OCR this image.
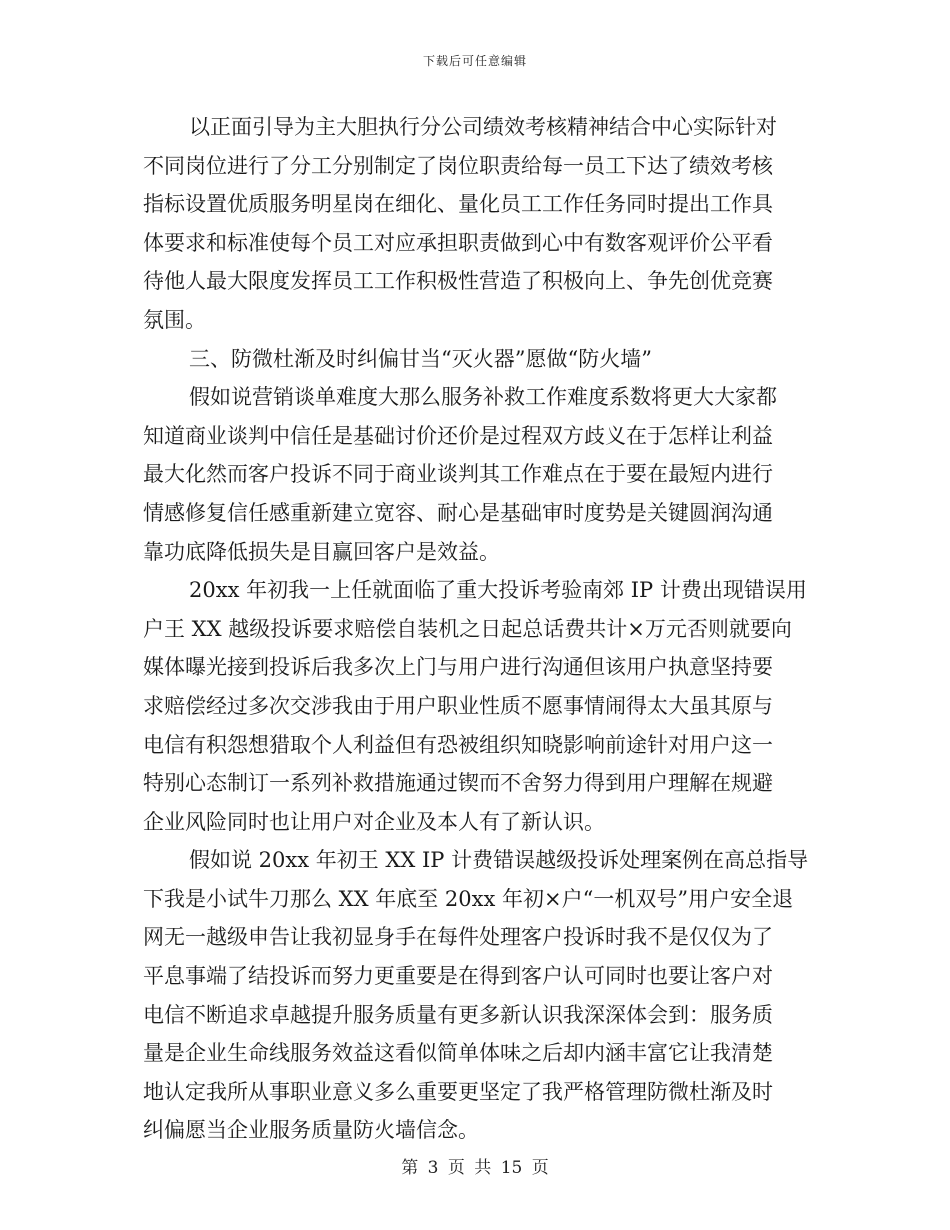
下载后可任意编辑
以正面引导为主大胆执行分公司绩效考核精神结合中心实际针对
不同岗位进行了分工分别制定了岗位职责给每一员工下达了绩效考核
指标设置优质服务明星岗在细化、量化员工工作任务同时提出工作具
体要求和标准使每个员工对应承担职责做到心中有数客观评价公平看
待他人最大限度发挥员工工作积极性营造了积极向上、争先创优竞赛
氛围。
三、防微杜渐及时纠偏甘当“灭火器”愿做“防火墙”
假如说营销谈单难度大那么服务补救工作难度系数将更大大家都
知道商业谈判中信任是基础讨价还价是过程双方歧义在于怎样让利益
最大化然而客户投诉不同于商业谈判其工作难点在于要在最短内进行
情感修复信任感重新建立宽容、耐心是基础审时度势是关键圆润沟通
靠功底降低损失是目赢回客户是效益。
20xx 年初我一上任就面临了重大投诉考验南郊 IP 计费出现错误用
户王 XX 越级投诉要求赔偿自装机之日起总话费共计×万元否则就要向
媒体曝光接到投诉后我多次上门与用户进行沟通但该用户执意坚持要
求赔偿经过多次交涉我由于用户职业性质不愿事情闹得太大虽其原与
电信有积怨想猎取个人利益但有恐被组织知晓影响前途针对用户这一
特别心态制订一系列补救措施通过锲而不舍努力得到用户理解在规避
企业风险同时也让用户对企业及本人有了新认识。
假如说 20xx 年初王 XX IP 计费错误越级投诉处理案例在高总指导
下我是小试牛刀那么 XX 年底至 20xx 年初×户“一机双号”用户安全退
网无一越级申告让我初显身手在每件处理客户投诉时我不是仅仅为了
平息事端了结投诉而努力更重要是在得到客户认可同时也要让客户对
电信不断追求卓越提升服务质量有更多新认识我深深体会到：服务质
量是企业生命线服务效益这看似简单体味之后却内涵丰富它让我清楚
地认定我所从事职业意义多么重要更坚定了我严格管理防微杜渐及时
纠偏愿当企业服务质量防火墙信念。
第 3 页 共 15 页
